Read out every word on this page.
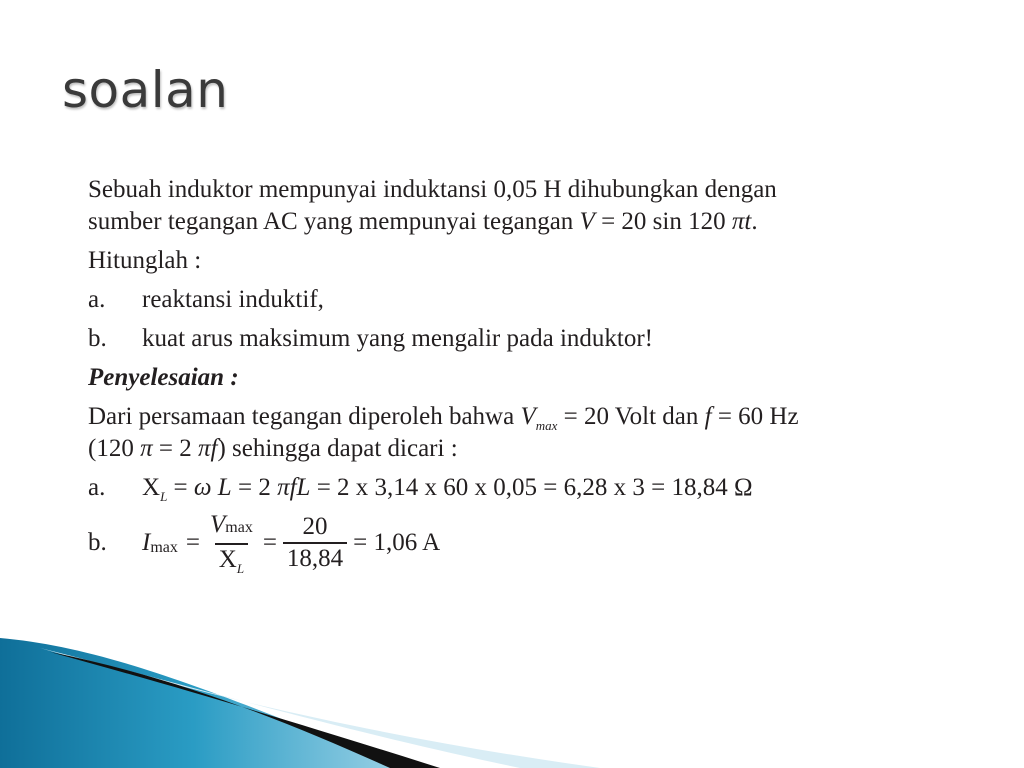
soalan

Sebuah induktor mempunyai induktansi 0,05 H dihubungkan dengan

sumber tegangan AC yang mempunyai tegangan V = 20 sin 120 πt.

Hitunglah :

a.	reaktansi induktif,
b.	kuat arus maksimum yang mengalir pada induktor!

Penyelesaian :

Dari persamaan tegangan diperoleh bahwa $V_{max} = 20$ Volt dan f = 60 Hz

(120 π = 2 πf) sehingga dapat dicari :

a.	$X_L = \omega$ L = 2 πfL = 2 x 3,14 x 60 x 0,05 = 6,28 x 3 = 18,84 Ω
b.	I $\max = \frac{Vmax}{X_L} = \frac{20}{18,84} = 1,06$ A
